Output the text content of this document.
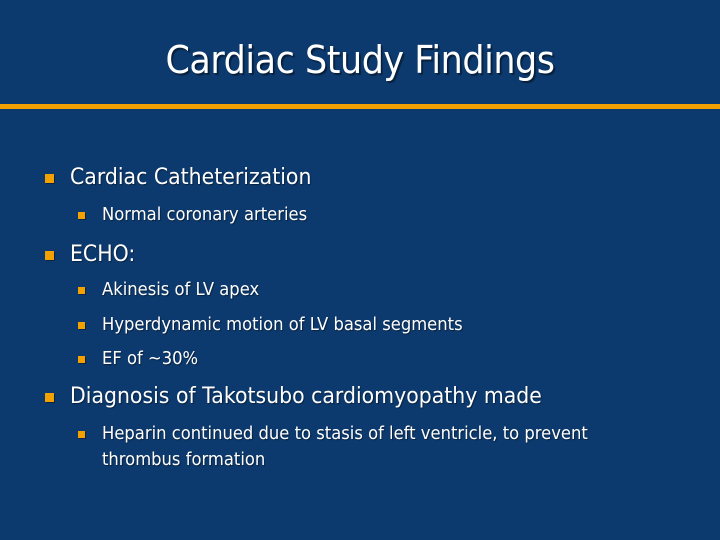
Cardiac Study Findings
Cardiac Catheterization
Normal coronary arteries
ECHO:
Akinesis of LV apex
Hyperdynamic motion of LV basal segments
EF of ~30%
Diagnosis of Takotsubo cardiomyopathy made
Heparin continued due to stasis of left ventricle, to prevent thrombus formation
